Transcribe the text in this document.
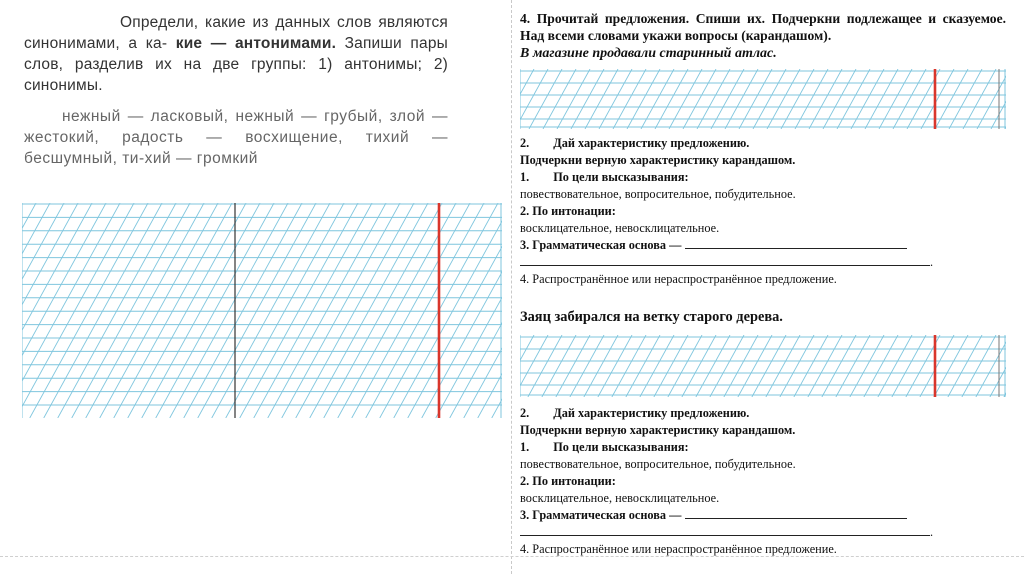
Определи, какие из данных слов являются синонимами, а ка- кие — антонимами. Запиши пары слов, разделив их на две группы: 1) антонимы; 2) синонимы.

нежный — ласковый, нежный — грубый, злой — жестокий, радость — восхищение, тихий — бесшумный, ти-хий — громкий

4. Прочитай предложения. Спиши их. Подчеркни подлежащее и сказуемое. Над всеми словами укажи вопросы (карандашом).

В магазине продавали старинный атлас.
2. Дай характеристику предложению.
Подчеркни верную характеристику карандашом.
1. По цели высказывания:
повествовательное, вопросительное, побудительное.
2. По интонации:
восклицательное, невосклицательное.
3. Грамматическая основа —
.
4. Распространённое или нераспространённое предложение.
Заяц забирался на ветку старого дерева.
2. Дай характеристику предложению.
Подчеркни верную характеристику карандашом.
1. По цели высказывания:
повествовательное, вопросительное, побудительное.
2. По интонации:
восклицательное, невосклицательное.
3. Грамматическая основа —
.
4. Распространённое или нераспространённое предложение.
